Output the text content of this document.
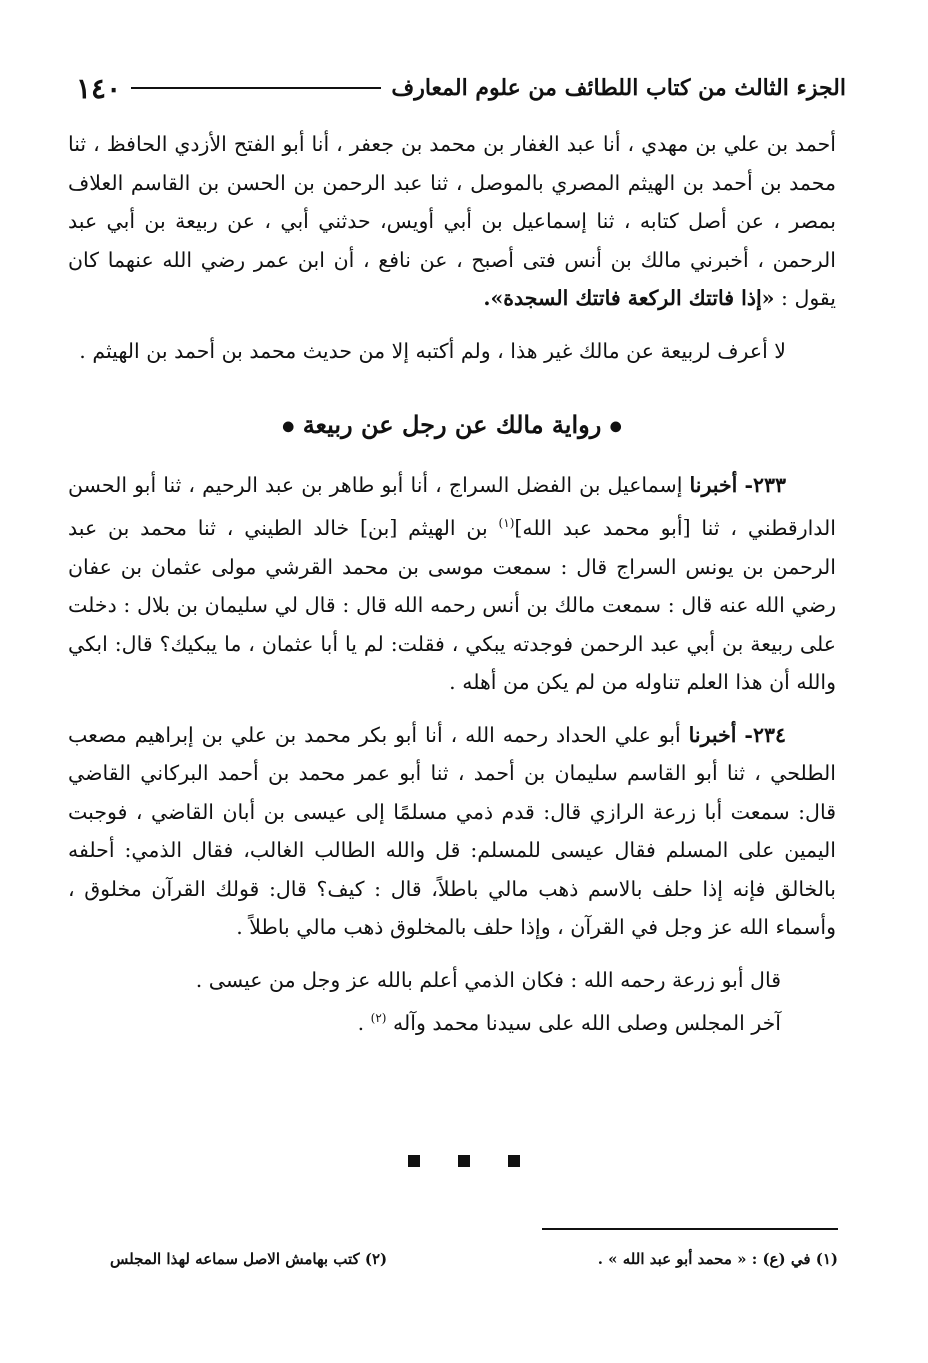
١٤٠	الجزء الثالث من كتاب اللطائف من علوم المعارف

أحمد بن علي بن مهدي ، أنا عبد الغفار بن محمد بن جعفر ، أنا أبو الفتح الأزدي الحافظ ، ثنا محمد بن أحمد بن الهيثم المصري بالموصل ، ثنا عبد الرحمن بن الحسن بن القاسم العلاف بمصر ، عن أصل كتابه ، ثنا إسماعيل بن أبي أويس، حدثني أبي ، عن ربيعة بن أبي عبد الرحمن ، أخبرني مالك بن أنس فتى أصبح ، عن نافع ، أن ابن عمر رضي الله عنهما كان يقول : «إذا فاتتك الركعة فاتتك السجدة».

لا أعرف لربيعة عن مالك غير هذا ، ولم أكتبه إلا من حديث محمد بن أحمد بن الهيثم .

● رواية مالك عن رجل عن ربيعة ●

٢٣٣- أخبرنا إسماعيل بن الفضل السراج ، أنا أبو طاهر بن عبد الرحيم ، ثنا أبو الحسن الدارقطني ، ثنا [أبو محمد عبد الله]$^{(١)}$ بن الهيثم [بن] خالد الطيني ، ثنا محمد بن عبد الرحمن بن يونس السراج قال : سمعت موسى بن محمد القرشي مولى عثمان بن عفان رضي الله عنه قال : سمعت مالك بن أنس رحمه الله قال : قال لي سليمان بن بلال : دخلت على ربيعة بن أبي عبد الرحمن فوجدته يبكي ، فقلت: لم يا أبا عثمان ، ما يبكيك؟ قال: ابكي والله أن هذا العلم تناوله من لم يكن من أهله .

٢٣٤- أخبرنا أبو علي الحداد رحمه الله ، أنا أبو بكر محمد بن علي بن إبراهيم مصعب الطلحي ، ثنا أبو القاسم سليمان بن أحمد ، ثنا أبو عمر محمد بن أحمد البركاني القاضي قال: سمعت أبا زرعة الرازي قال: قدم ذمي مسلمًا إلى عيسى بن أبان القاضي ، فوجبت اليمين على المسلم فقال عيسى للمسلم: قل والله الطالب الغالب، فقال الذمي: أحلفه بالخالق فإنه إذا حلف بالاسم ذهب مالي باطلاً، قال : كيف؟ قال: قولك القرآن مخلوق ، وأسماء الله عز وجل في القرآن ، وإذا حلف بالمخلوق ذهب مالي باطلاً .

قال أبو زرعة رحمه الله : فكان الذمي أعلم بالله عز وجل من عيسى .

آخر المجلس وصلى الله على سيدنا محمد وآله $^{(٢)}$ .

(١) في (ع) : « محمد أبو عبد الله » .
(٢) كتب بهامش الاصل سماعه لهذا المجلس
